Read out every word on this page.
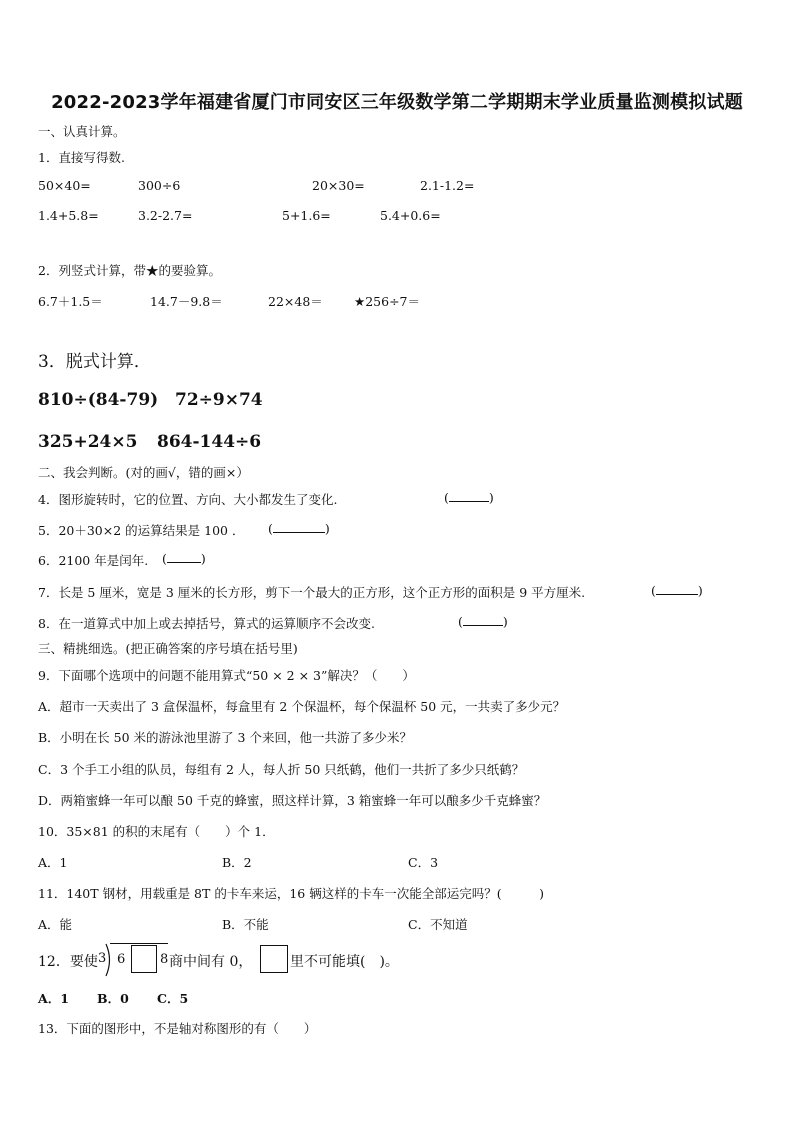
2022-2023学年福建省厦门市同安区三年级数学第二学期期末学业质量监测模拟试题
一、认真计算。
1．直接写得数.
50×40=	300÷6	20×30=	2.1-1.2=
1.4+5.8=	3.2-2.7=	5+1.6=	5.4+0.6=
2．列竖式计算，带★的要验算。
6.7＋1.5＝	14.7－9.8＝	22×48＝ ★256÷7＝
3．脱式计算．
810÷(84-79) 72÷9×74
325+24×5 864-144÷6
二、我会判断。(对的画√，错的画×）
4．图形旋转时，它的位置、方向、大小都发生了变化.	(	)
5．20＋30×2 的运算结果是 100 ． (	)
6．2100 年是闰年. (	)
7．长是 5 厘米，宽是 3 厘米的长方形，剪下一个最大的正方形，这个正方形的面积是 9 平方厘米.	(	)
8．在一道算式中加上或去掉括号，算式的运算顺序不会改变.	(	)
三、精挑细选。(把正确答案的序号填在括号里)
9．下面哪个选项中的问题不能用算式“50 × 2 × 3”解决？（　　）
A．超市一天卖出了 3 盒保温杯，每盒里有 2 个保温杯，每个保温杯 50 元，一共卖了多少元？
B．小明在长 50 米的游泳池里游了 3 个来回，他一共游了多少米？
C．3 个手工小组的队员，每组有 2 人，每人折 50 只纸鹤，他们一共折了多少只纸鹤？
D．两箱蜜蜂一年可以酿 50 千克的蜂蜜，照这样计算，3 箱蜜蜂一年可以酿多少千克蜂蜜？
10．35×81 的积的末尾有（　　）个 1．
A．1	B．2	C．3
11．140T 钢材，用载重是 8T 的卡车来运，16 辆这样的卡车一次能全部运完吗？(　　　)
A．能	B．不能	C．不知道
12．要使 3 6	8 商中间有 0，	里不可能填(　)。
A．1 B．0 C．5
13．下面的图形中，不是轴对称图形的有（　　）
